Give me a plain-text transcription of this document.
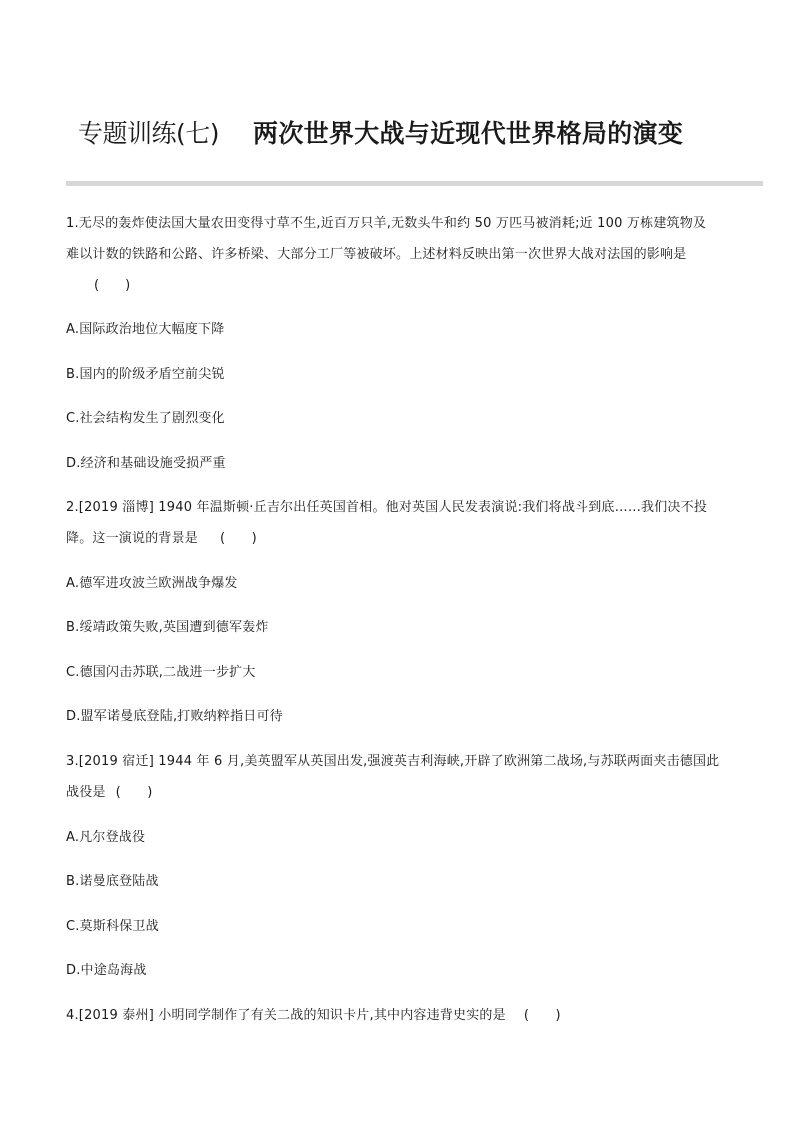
专题训练(七) 两次世界大战与近现代世界格局的演变
1.无尽的轰炸使法国大量农田变得寸草不生,近百万只羊,无数头牛和约 50 万匹马被消耗;近 100 万栋建筑物及
难以计数的铁路和公路、许多桥梁、大部分工厂等被破坏。上述材料反映出第一次世界大战对法国的影响是
(　　)
A.国际政治地位大幅度下降
B.国内的阶级矛盾空前尖锐
C.社会结构发生了剧烈变化
D.经济和基础设施受损严重
2.[2019 淄博] 1940 年温斯顿·丘吉尔出任英国首相。他对英国人民发表演说:我们将战斗到底……我们决不投
降。这一演说的背景是 (　　)
A.德军进攻波兰欧洲战争爆发
B.绥靖政策失败,英国遭到德军轰炸
C.德国闪击苏联,二战进一步扩大
D.盟军诺曼底登陆,打败纳粹指日可待
3.[2019 宿迁] 1944 年 6 月,美英盟军从英国出发,强渡英吉利海峡,开辟了欧洲第二战场,与苏联两面夹击德国此
战役是 (　　)
A.凡尔登战役
B.诺曼底登陆战
C.莫斯科保卫战
D.中途岛海战
4.[2019 泰州] 小明同学制作了有关二战的知识卡片,其中内容违背史实的是 (　　)
